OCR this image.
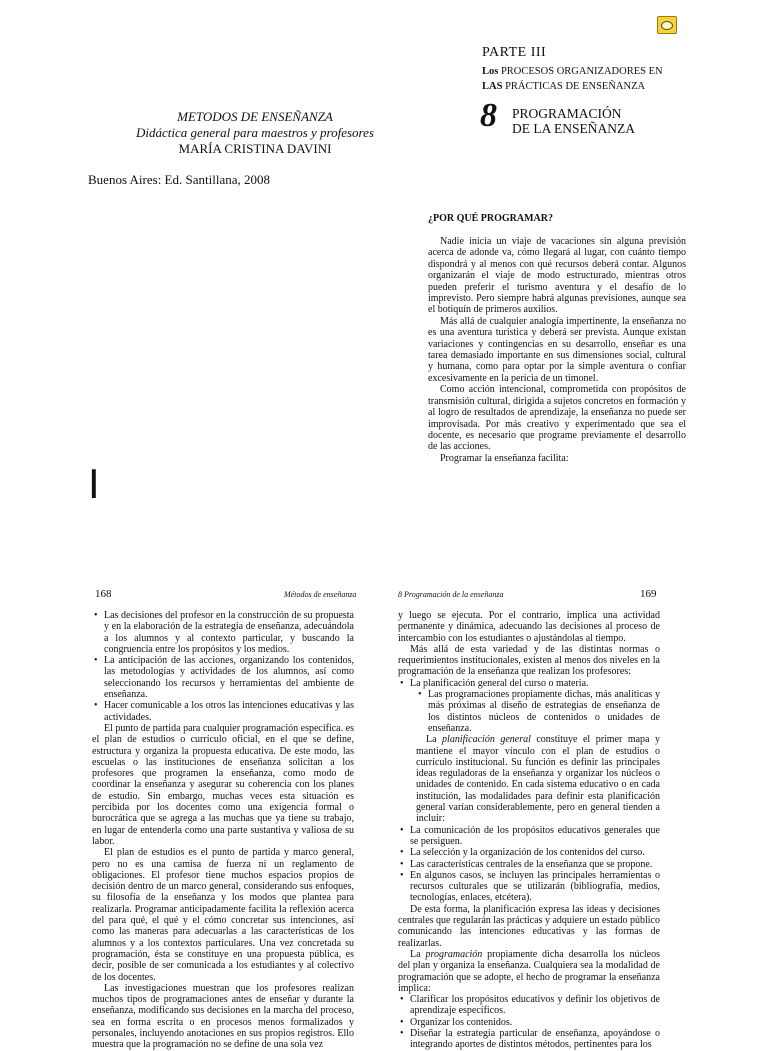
PARTE III
Los PROCESOS ORGANIZADORES EN
LAS PRÁCTICAS DE ENSEÑANZA
8 PROGRAMACIÓN
DE LA ENSEÑANZA
METODOS DE ENSEÑANZA
Didáctica general para maestros y profesores
MARÍA CRISTINA DAVINI
Buenos Aires: Ed. Santillana, 2008
¿POR QUÉ PROGRAMAR?

Nadie inicia un viaje de vacaciones sin alguna previsión acerca de adonde va, cómo llegará al lugar, con cuánto tiempo dispondrá y al menos con qué recursos deberá contar. Algunos organizarán el viaje de modo estructurado, mientras otros pueden preferir el turismo aventura y el desafío de lo imprevisto. Pero siempre habrá algunas previsiones, aunque sea el botiquín de primeros auxilios.

Más allá de cualquier analogía impertinente, la enseñanza no es una aventura turística y deberá ser prevista. Aunque existan variaciones y contingencias en su desarrollo, enseñar es una tarea demasiado importante en sus dimensiones social, cultural y humana, como para optar por la simple aventura o confiar excesivamente en la pericia de un timonel.

Como acción intencional, comprometida con propósitos de transmisión cultural, dirigida a sujetos concretos en formación y al logro de resultados de aprendizaje, la enseñanza no puede ser improvisada. Por más creativo y experimentado que sea el docente, es necesario que programe previamente el desarrollo de las acciones.

Programar la enseñanza facilita:

I
168	Métodos de enseñanza	8 Programación de la enseñanza	169
• Las decisiones del profesor en la construcción de su propuesta y en la elaboración de la estrategia de enseñanza, adecuándola a los alumnos y al contexto particular, y buscando la congruencia entre los propósitos y los medios.
• La anticipación de las acciones, organizando los contenidos, las metodologías y actividades de los alumnos, así como seleccionando los recursos y herramientas del ambiente de enseñanza.
• Hacer comunicable a los otros las intenciones educativas y las actividades.

El punto de partida para cualquier programación específica. es el plan de estudios o currículo oficial, en el que se define, estructura y organiza la propuesta educativa. De este modo, las escuelas o las instituciones de enseñanza solicitan a los profesores que programen la enseñanza, como modo de coordinar la enseñanza y asegurar su coherencia con los planes de estudio. Sin embargo, muchas veces esta situación es percibida por los docentes como una exigencia formal o burocrática que se agrega a las muchas que ya tiene su trabajo, en lugar de entenderla como una parte sustantiva y valiosa de su labor.

El plan de estudios es el punto de partida y marco general, pero no es una camisa de fuerza ni un reglamento de obligaciones. El profesor tiene muchos espacios propios de decisión dentro de un marco general, considerando sus enfoques, su filosofía de la enseñanza y los modos que plantea para realizarla. Programar anticipadamente facilita la reflexión acerca del para qué, el qué y el cómo concretar sus intenciones, así como las maneras para adecuarlas a las características de los alumnos y a los contextos particulares. Una vez concretada su programación, ésta se constituye en una propuesta pública, es decir, posible de ser comunicada a los estudiantes y al colectivo de los docentes.

Las investigaciones muestran que los profesores realizan muchos tipos de programaciones antes de enseñar y durante la enseñanza, modificando sus decisiones en la marcha del proceso, sea en forma escrita o en procesos menos formalizados y personales, incluyendo anotaciones en sus propios registros. Ello muestra que la programación no se define de una sola vez

y luego se ejecuta. Por el contrario, implica una actividad permanente y dinámica, adecuando las decisiones al proceso de intercambio con los estudiantes o ajustándolas al tiempo.

Más allá de esta variedad y de las distintas normas o requerimientos institucionales, existen al menos dos niveles en la programación de la enseñanza que realizan los profesores:

• La planificación general del curso o materia.
• Las programaciones propiamente dichas, más analíticas y más próximas al diseño de estrategias de enseñanza de los distintos núcleos de contenidos o unidades de enseñanza.

La planificación general constituye el primer mapa y mantiene el mayor vínculo con el plan de estudios o currículo institucional. Su función es definir las principales ideas reguladoras de la enseñanza y organizar los núcleos o unidades de contenido. En cada sistema educativo o en cada institución, las modalidades para definir esta planificación general varían considerablemente, pero en general tienden a incluir:

• La comunicación de los propósitos educativos generales que se persiguen.
• La selección y la organización de los contenidos del curso.
• Las características centrales de la enseñanza que se propone.
• En algunos casos, se incluyen las principales herramientas o recursos culturales que se utilizarán (bibliografía, medios, tecnologías, enlaces, etcétera).

De esta forma, la planificación expresa las ideas y decisiones centrales que regularán las prácticas y adquiere un estado público comunicando las intenciones educativas y las formas de realizarlas.

La programación propiamente dicha desarrolla los núcleos del plan y organiza la enseñanza. Cualquiera sea la modalidad de programación que se adopte, el hecho de programar la enseñanza implica:

• Clarificar los propósitos educativos y definir los objetivos de aprendizaje específicos.
• Organizar los contenidos.
• Diseñar la estrategia particular de enseñanza, apoyándose o integrando aportes de distintos métodos, pertinentes para los
